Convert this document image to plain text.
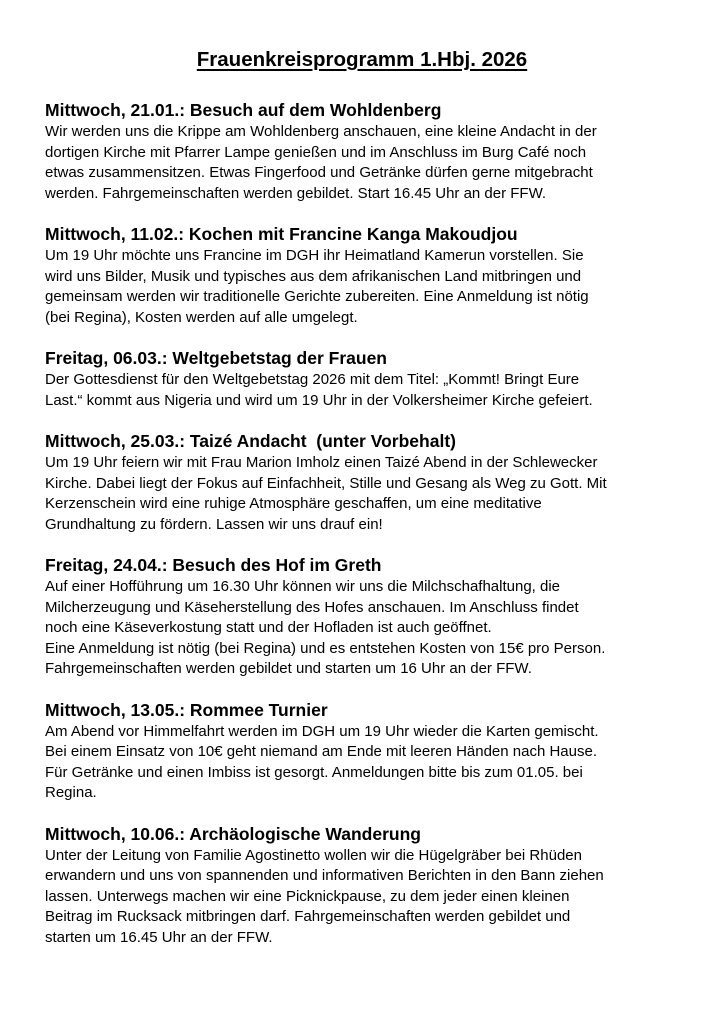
Frauenkreisprogramm 1.Hbj. 2026

Mittwoch, 21.01.: Besuch auf dem Wohldenberg

Wir werden uns die Krippe am Wohldenberg anschauen, eine kleine Andacht in der

dortigen Kirche mit Pfarrer Lampe genießen und im Anschluss im Burg Café noch

etwas zusammensitzen. Etwas Fingerfood und Getränke dürfen gerne mitgebracht

werden. Fahrgemeinschaften werden gebildet. Start 16.45 Uhr an der FFW.

Mittwoch, 11.02.: Kochen mit Francine Kanga Makoudjou

Um 19 Uhr möchte uns Francine im DGH ihr Heimatland Kamerun vorstellen. Sie

wird uns Bilder, Musik und typisches aus dem afrikanischen Land mitbringen und

gemeinsam werden wir traditionelle Gerichte zubereiten. Eine Anmeldung ist nötig

(bei Regina), Kosten werden auf alle umgelegt.

Freitag, 06.03.: Weltgebetstag der Frauen

Der Gottesdienst für den Weltgebetstag 2026 mit dem Titel: „Kommt! Bringt Eure

Last.“ kommt aus Nigeria und wird um 19 Uhr in der Volkersheimer Kirche gefeiert.

Mittwoch, 25.03.: Taizé Andacht  (unter Vorbehalt)

Um 19 Uhr feiern wir mit Frau Marion Imholz einen Taizé Abend in der Schlewecker

Kirche. Dabei liegt der Fokus auf Einfachheit, Stille und Gesang als Weg zu Gott. Mit

Kerzenschein wird eine ruhige Atmosphäre geschaffen, um eine meditative

Grundhaltung zu fördern. Lassen wir uns drauf ein!

Freitag, 24.04.: Besuch des Hof im Greth

Auf einer Hofführung um 16.30 Uhr können wir uns die Milchschafhaltung, die

Milcherzeugung und Käseherstellung des Hofes anschauen. Im Anschluss findet

noch eine Käseverkostung statt und der Hofladen ist auch geöffnet.

Eine Anmeldung ist nötig (bei Regina) und es entstehen Kosten von 15€ pro Person.

Fahrgemeinschaften werden gebildet und starten um 16 Uhr an der FFW.

Mittwoch, 13.05.: Rommee Turnier

Am Abend vor Himmelfahrt werden im DGH um 19 Uhr wieder die Karten gemischt.

Bei einem Einsatz von 10€ geht niemand am Ende mit leeren Händen nach Hause.

Für Getränke und einen Imbiss ist gesorgt. Anmeldungen bitte bis zum 01.05. bei

Regina.

Mittwoch, 10.06.: Archäologische Wanderung

Unter der Leitung von Familie Agostinetto wollen wir die Hügelgräber bei Rhüden

erwandern und uns von spannenden und informativen Berichten in den Bann ziehen

lassen. Unterwegs machen wir eine Picknickpause, zu dem jeder einen kleinen

Beitrag im Rucksack mitbringen darf. Fahrgemeinschaften werden gebildet und

starten um 16.45 Uhr an der FFW.
